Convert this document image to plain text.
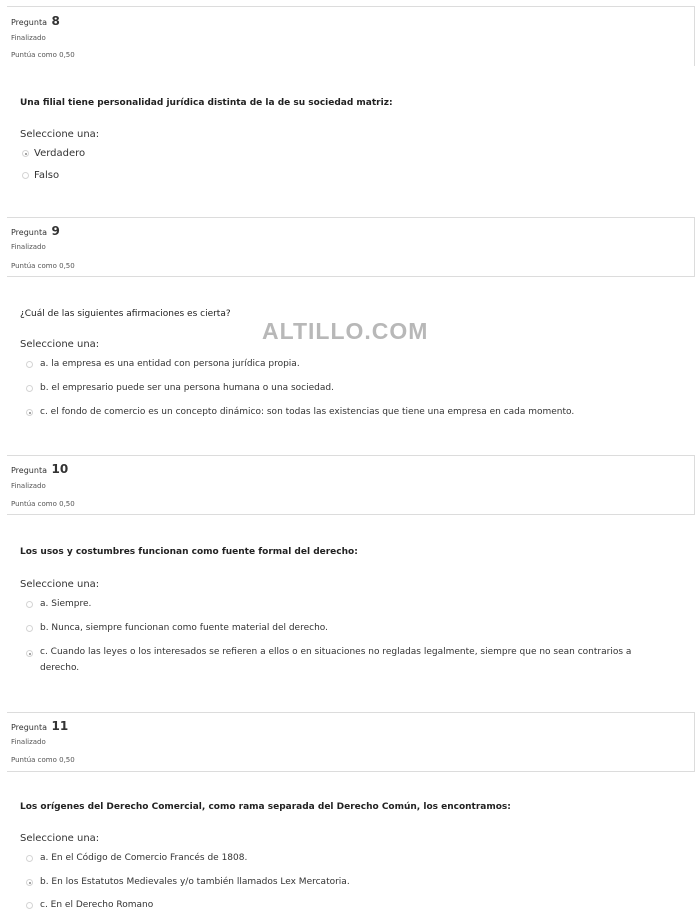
Pregunta 8
Finalizado
Puntúa como 0,50
Una filial tiene personalidad jurídica distinta de la de su sociedad matriz:
Seleccione una:
Verdadero
Falso
Pregunta 9
Finalizado
Puntúa como 0,50
¿Cuál de las siguientes afirmaciones es cierta?
ALTILLO.COM
Seleccione una:
a. la empresa es una entidad con persona jurídica propia.
b. el empresario puede ser una persona humana o una sociedad.
c. el fondo de comercio es un concepto dinámico: son todas las existencias que tiene una empresa en cada momento.
Pregunta 10
Finalizado
Puntúa como 0,50
Los usos y costumbres funcionan como fuente formal del derecho:
Seleccione una:
a. Siempre.
b. Nunca, siempre funcionan como fuente material del derecho.
c. Cuando las leyes o los interesados se refieren a ellos o en situaciones no regladas legalmente, siempre que no sean contrarios a derecho.
Pregunta 11
Finalizado
Puntúa como 0,50
Los orígenes del Derecho Comercial, como rama separada del Derecho Común, los encontramos:
Seleccione una:
a. En el Código de Comercio Francés de 1808.
b. En los Estatutos Medievales y/o también llamados Lex Mercatoria.
c. En el Derecho Romano
